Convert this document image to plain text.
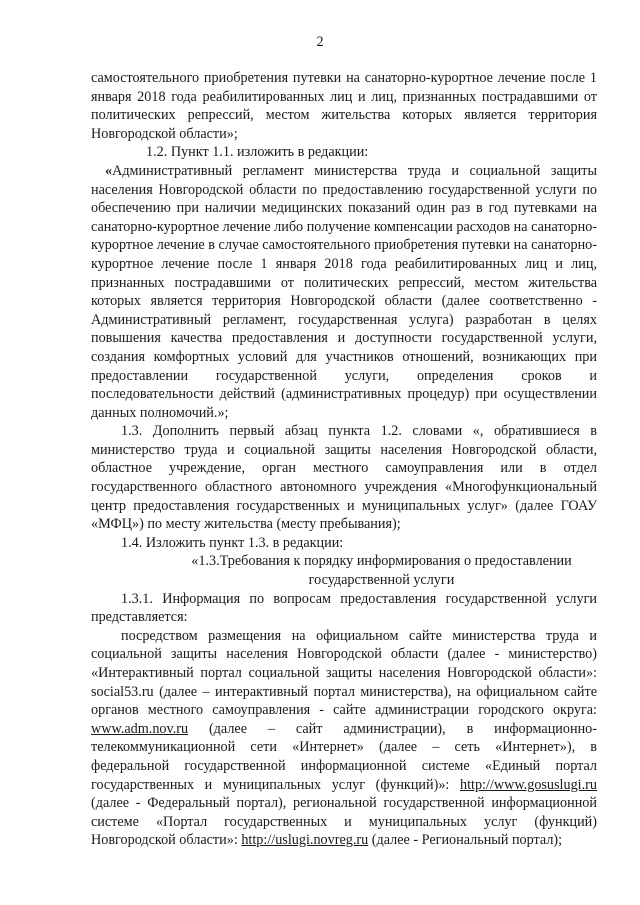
2

самостоятельного приобретения путевки на санаторно-курортное лечение после 1 января 2018 года реабилитированных лиц и лиц, признанных пострадавшими от политических репрессий, местом жительства которых является территория Новгородской области»;

1.2. Пункт 1.1. изложить в редакции:

«Административный регламент министерства труда и социальной защиты населения Новгородской области по предоставлению государственной услуги по обеспечению при наличии медицинских показаний один раз в год путевками на санаторно-курортное лечение либо получение компенсации расходов на санаторно-курортное лечение в случае самостоятельного приобретения путевки на санаторно-курортное лечение после 1 января 2018 года реабилитированных лиц и лиц, признанных пострадавшими от политических репрессий, местом жительства которых является территория Новгородской области (далее соответственно - Административный регламент, государственная услуга) разработан в целях повышения качества предоставления и доступности государственной услуги, создания комфортных условий для участников отношений, возникающих при предоставлении государственной услуги, определения сроков и последовательности действий (административных процедур) при осуществлении данных полномочий.»;

1.3. Дополнить первый абзац пункта 1.2. словами «, обратившиеся в министерство труда и социальной защиты населения Новгородской области, областное учреждение, орган местного самоуправления или в отдел государственного областного автономного учреждения «Многофункциональный центр предоставления государственных и муниципальных услуг» (далее ГОАУ «МФЦ») по месту жительства (месту пребывания);

1.4. Изложить пункт 1.3. в редакции:

«1.3.Требования к порядку информирования о предоставлении

государственной услуги

1.3.1. Информация по вопросам предоставления государственной услуги представляется:

посредством размещения на официальном сайте министерства труда и социальной защиты населения Новгородской области (далее - министерство) «Интерактивный портал социальной защиты населения Новгородской области»: social53.ru (далее – интерактивный портал министерства), на официальном сайте органов местного самоуправления - сайте администрации городского округа: www.adm.nov.ru (далее – сайт администрации), в информационно-телекоммуникационной сети «Интернет» (далее – сеть «Интернет»), в федеральной государственной информационной системе «Единый портал государственных и муниципальных услуг (функций)»: http://www.gosuslugi.ru (далее - Федеральный портал), региональной государственной информационной системе «Портал государственных и муниципальных услуг (функций) Новгородской области»: http://uslugi.novreg.ru (далее - Региональный портал);
